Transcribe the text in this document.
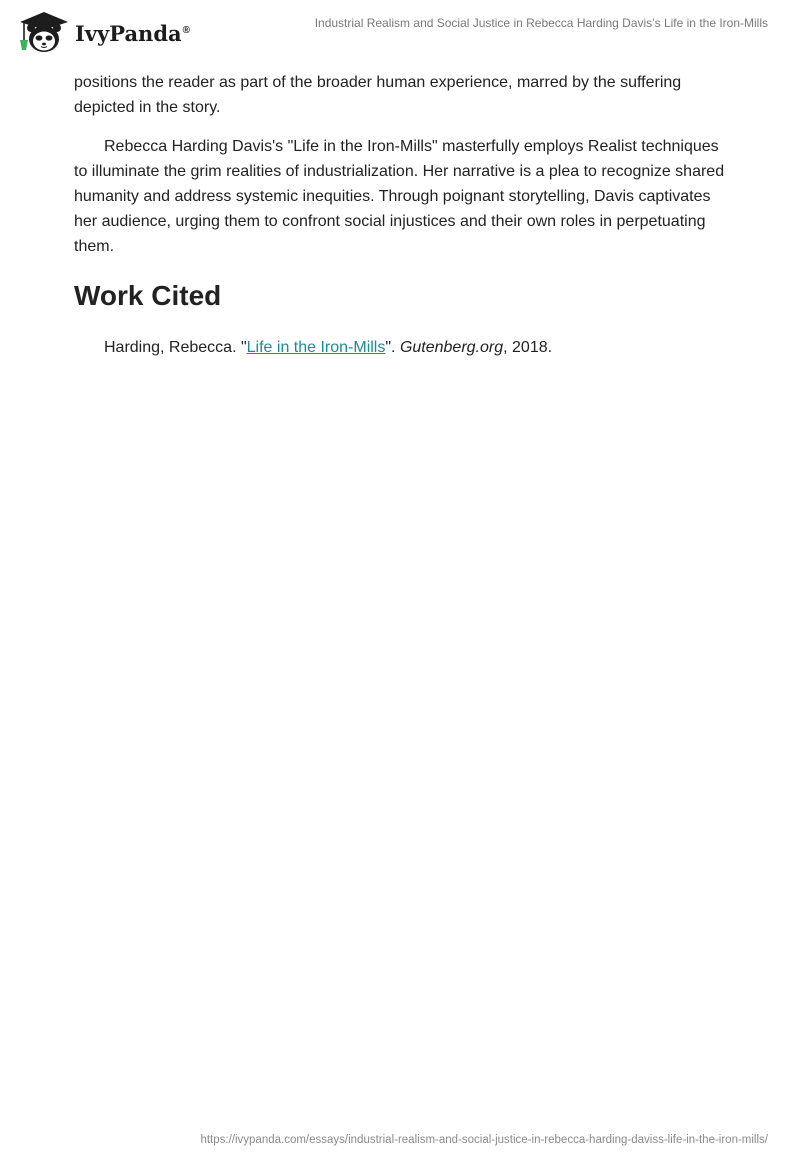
IvyPanda®	Industrial Realism and Social Justice in Rebecca Harding Davis’s Life in the Iron-Mills

positions the reader as part of the broader human experience, marred by the suffering depicted in the story.

Rebecca Harding Davis's "Life in the Iron-Mills" masterfully employs Realist techniques to illuminate the grim realities of industrialization. Her narrative is a plea to recognize shared humanity and address systemic inequities. Through poignant storytelling, Davis captivates her audience, urging them to confront social injustices and their own roles in perpetuating them.

Work Cited

Harding, Rebecca. "Life in the Iron-Mills". Gutenberg.org, 2018.

https://ivypanda.com/essays/industrial-realism-and-social-justice-in-rebecca-harding-daviss-life-in-the-iron-mills/
